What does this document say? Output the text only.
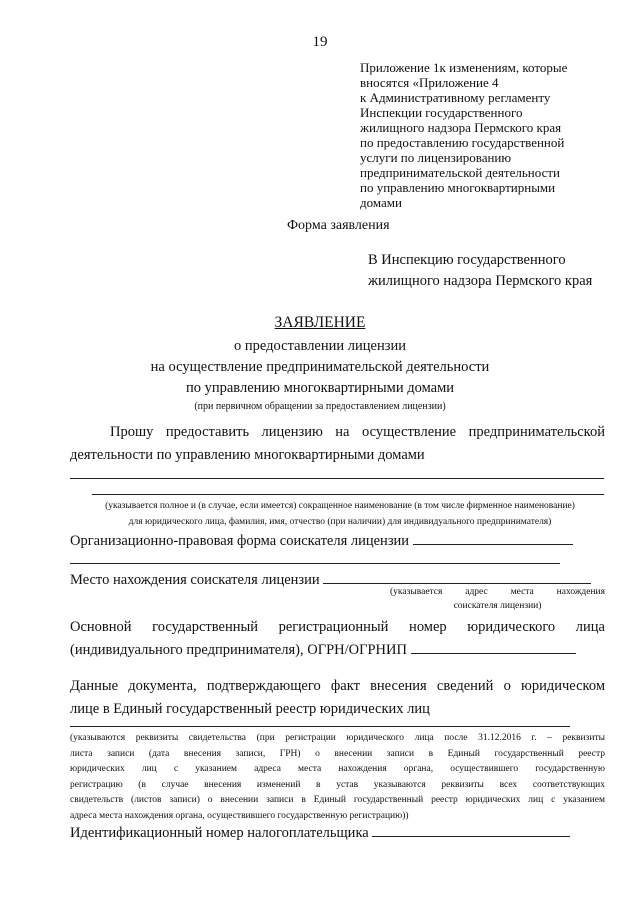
19
Приложение 1к изменениям, которые
вносятся «Приложение 4
к Административному регламенту
Инспекции государственного
жилищного надзора Пермского края
по предоставлению государственной
услуги по лицензированию
предпринимательской деятельности
по управлению многоквартирными
домами
Форма заявления
В Инспекцию государственного
жилищного надзора Пермского края
ЗАЯВЛЕНИЕ
о предоставлении лицензии
на осуществление предпринимательской деятельности
по управлению многоквартирными домами
(при первичном обращении за предоставлением лицензии)
Прошу предоставить лицензию на осуществление предпринимательской
деятельности по управлению многоквартирными домами
(указывается полное и (в случае, если имеется) сокращенное наименование (в том числе фирменное наименование)
для юридического лица, фамилия, имя, отчество (при наличии) для индивидуального предпринимателя)
Организационно-правовая форма соискателя лицензии
Место нахождения соискателя лицензии
(указывается адрес места нахождения
соискателя лицензии)
Основной государственный регистрационный номер юридического лица
(индивидуального предпринимателя), ОГРН/ОГРНИП
Данные документа, подтверждающего факт внесения сведений о юридическом
лице в Единый государственный реестр юридических лиц
(указываются реквизиты свидетельства (при регистрации юридического лица после 31.12.2016 г. – реквизиты
листа записи (дата внесения записи, ГРН) о внесении записи в Единый государственный реестр
юридических лиц с указанием адреса места нахождения органа, осуществившего государственную
регистрацию (в случае внесения изменений в устав указываются реквизиты всех соответствующих
свидетельств (листов записи) о внесении записи в Единый государственный реестр юридических лиц с указанием
адреса места нахождения органа, осуществившего государственную регистрацию))
Идентификационный номер налогоплательщика
